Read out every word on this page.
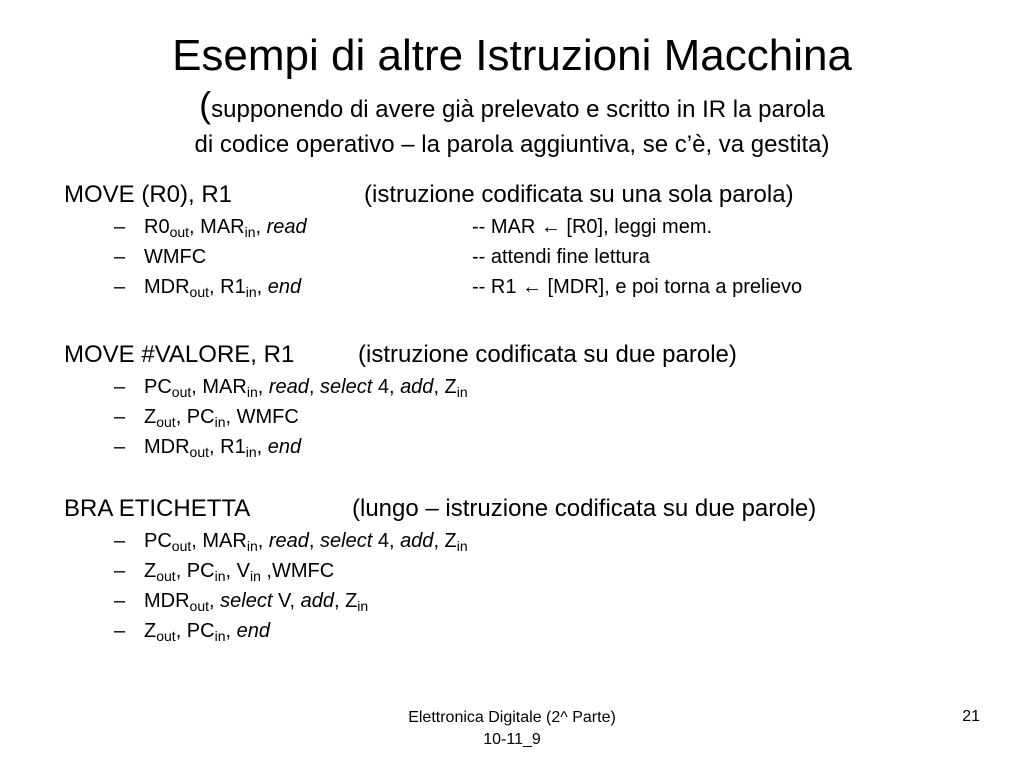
Esempi di altre Istruzioni Macchina
(supponendo di avere già prelevato e scritto in IR la parola
di codice operativo – la parola aggiuntiva, se c’è, va gestita)
MOVE (R0), R1	(istruzione codificata su una sola parola)
– $R0_{out}$, $MAR_{in}$, read	-- MAR ← [R0], leggi mem.
– WMFC	-- attendi fine lettura
– $MDR_{out}$, $R1_{in}$, end	-- R1 ← [MDR], e poi torna a prelievo
MOVE #VALORE, R1	(istruzione codificata su due parole)
– $PC_{out}$, $MAR_{in}$, read, select 4, add, $Z_{in}$
– $Z_{out}$, $PC_{in}$, WMFC
– $MDR_{out}$, $R1_{in}$, end
BRA ETICHETTA	(lungo – istruzione codificata su due parole)
– $PC_{out}$, $MAR_{in}$, read, select 4, add, $Z_{in}$
– $Z_{out}$, $PC_{in}$, $V_{in}$ ,WMFC
– $MDR_{out}$, select V, add, $Z_{in}$
– $Z_{out}$, $PC_{in}$, end
Elettronica Digitale (2^ Parte)
10-11_9
21
